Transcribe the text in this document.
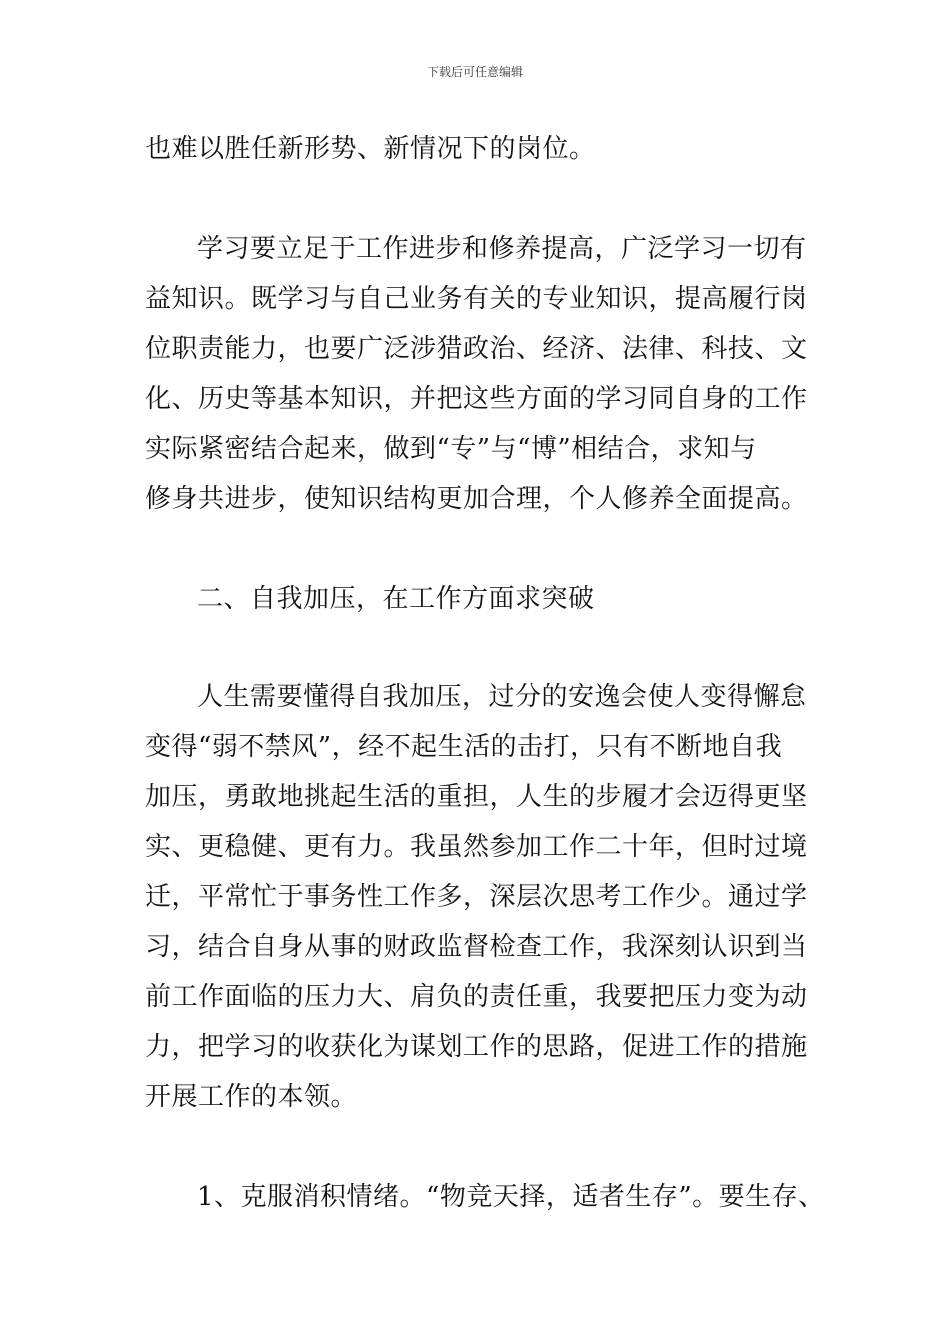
下载后可任意编辑
也难以胜任新形势、新情况下的岗位。
学习要立足于工作进步和修养提高，广泛学习一切有
益知识。既学习与自己业务有关的专业知识，提高履行岗
位职责能力，也要广泛涉猎政治、经济、法律、科技、文
化、历史等基本知识，并把这些方面的学习同自身的工作
实际紧密结合起来，做到“专”与“博”相结合，求知与
修身共进步，使知识结构更加合理，个人修养全面提高。
二、自我加压，在工作方面求突破
人生需要懂得自我加压，过分的安逸会使人变得懈怠
变得“弱不禁风”，经不起生活的击打，只有不断地自我
加压，勇敢地挑起生活的重担，人生的步履才会迈得更坚
实、更稳健、更有力。我虽然参加工作二十年，但时过境
迁，平常忙于事务性工作多，深层次思考工作少。通过学
习，结合自身从事的财政监督检查工作，我深刻认识到当
前工作面临的压力大、肩负的责任重，我要把压力变为动
力，把学习的收获化为谋划工作的思路，促进工作的措施
开展工作的本领。
1、克服消积情绪。“物竞天择，适者生存”。要生存、
